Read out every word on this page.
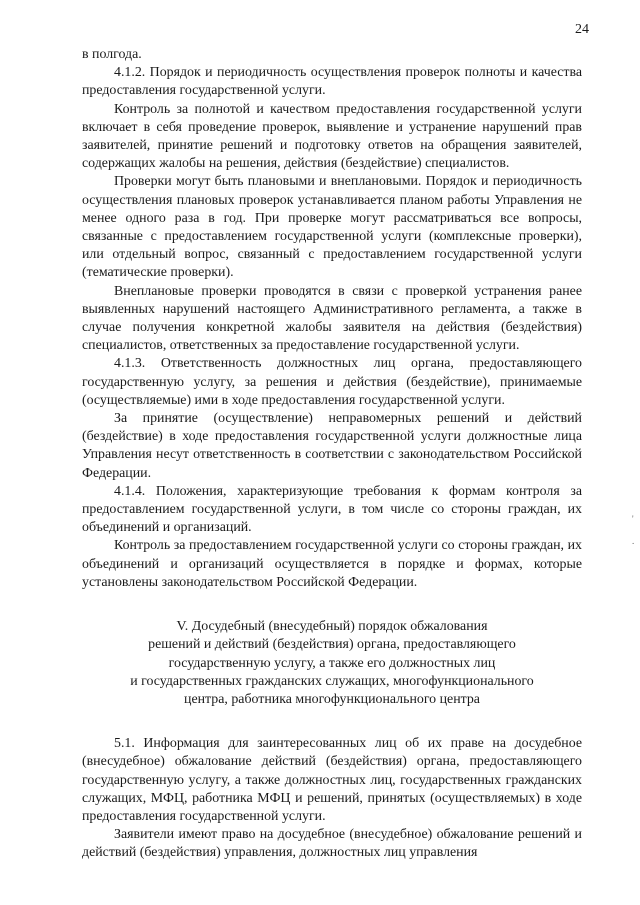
24
'
.

в полгода.

4.1.2. Порядок и периодичность осуществления проверок полноты и качества предоставления государственной услуги.

Контроль за полнотой и качеством предоставления государственной услуги включает в себя проведение проверок, выявление и устранение нарушений прав заявителей, принятие решений и подготовку ответов на обращения заявителей, содержащих жалобы на решения, действия (бездействие) специалистов.

Проверки могут быть плановыми и внеплановыми. Порядок и периодичность осуществления плановых проверок устанавливается планом работы Управления не менее одного раза в год. При проверке могут рассматриваться все вопросы, связанные с предоставлением государственной услуги (комплексные проверки), или отдельный вопрос, связанный с предоставлением государственной услуги (тематические проверки).

Внеплановые проверки проводятся в связи с проверкой устранения ранее выявленных нарушений настоящего Административного регламента, а также в случае получения конкретной жалобы заявителя на действия (бездействия) специалистов, ответственных за предоставление государственной услуги.

4.1.3. Ответственность должностных лиц органа, предоставляющего государственную услугу, за решения и действия (бездействие), принимаемые (осуществляемые) ими в ходе предоставления государственной услуги.

За принятие (осуществление) неправомерных решений и действий (бездействие) в ходе предоставления государственной услуги должностные лица Управления несут ответственность в соответствии с законодательством Российской Федерации.

4.1.4. Положения, характеризующие требования к формам контроля за предоставлением государственной услуги, в том числе со стороны граждан, их объединений и организаций.

Контроль за предоставлением государственной услуги со стороны граждан, их объединений и организаций осуществляется в порядке и формах, которые установлены законодательством Российской Федерации.

V. Досудебный (внесудебный) порядок обжалования
решений и действий (бездействия) органа, предоставляющего
государственную услугу, а также его должностных лиц
и государственных гражданских служащих, многофункционального
центра, работника многофункционального центра

5.1. Информация для заинтересованных лиц об их праве на досудебное (внесудебное) обжалование действий (бездействия) органа, предоставляющего государственную услугу, а также должностных лиц, государственных гражданских служащих, МФЦ, работника МФЦ и решений, принятых (осуществляемых) в ходе предоставления государственной услуги.

Заявители имеют право на досудебное (внесудебное) обжалование решений и действий (бездействия) управления, должностных лиц управления
